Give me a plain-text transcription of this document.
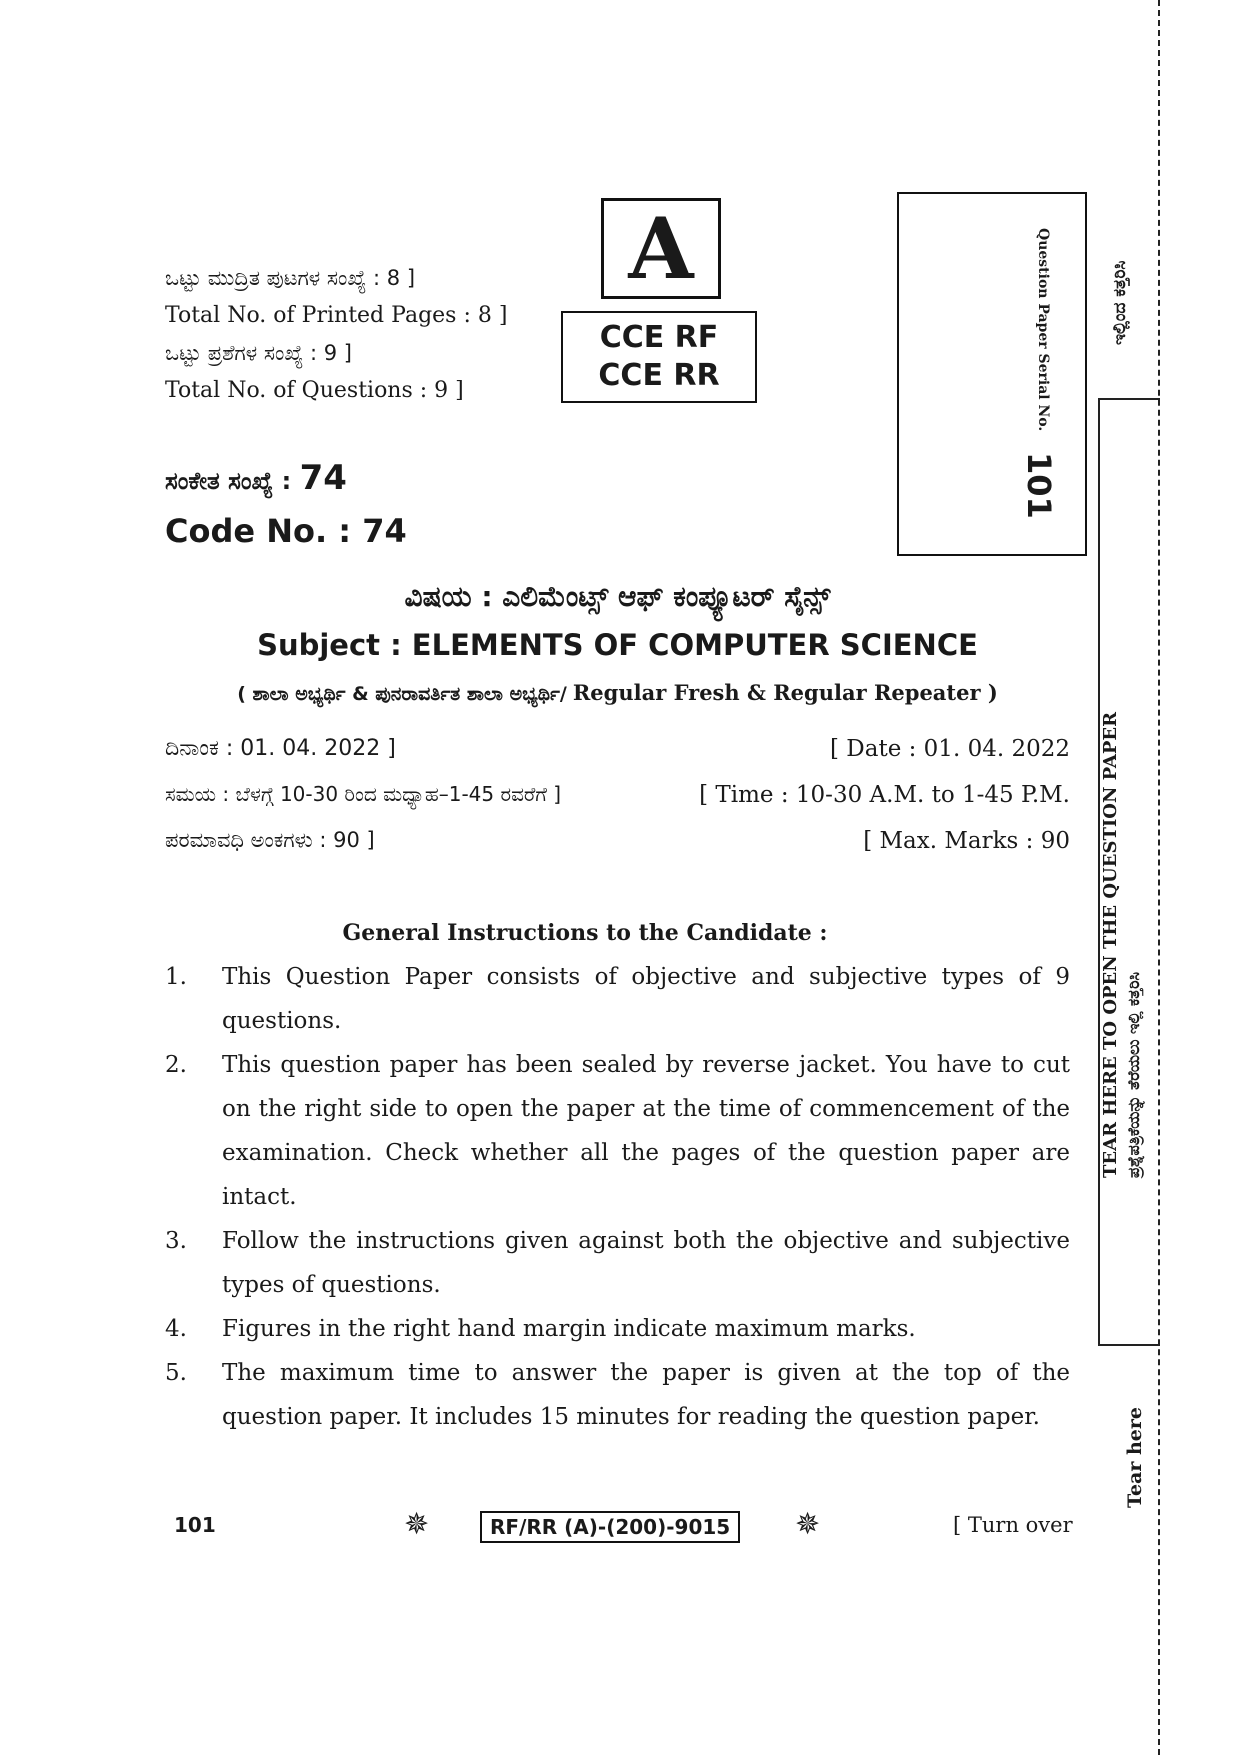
ಒಟ್ಟು ಮುದ್ರಿತ ಪುಟಗಳ ಸಂಖ್ಯೆ : 8 ]
Total No. of Printed Pages : 8 ]
ಒಟ್ಟು ಪ್ರಶೆಗಳ ಸಂಖ್ಯೆ : 9 ]
Total No. of Questions : 9 ]
A
CCE RF
CCE RR	Question Paper Serial No.
101
ಸಂಕೇತ ಸಂಖ್ಯೆ : 74
Code No. : 74
ವಿಷಯ : ಎಲಿಮೆಂಟ್ಸ್ ಆಫ್ ಕಂಪ್ಯೂಟರ್ ಸೈನ್ಸ್
Subject : ELEMENTS OF COMPUTER SCIENCE
( ಶಾಲಾ ಅಭ್ಯರ್ಥಿ & ಪುನರಾವರ್ತಿತ ಶಾಲಾ ಅಭ್ಯರ್ಥಿ/ Regular Fresh & Regular Repeater )
ದಿನಾಂಕ : 01. 04. 2022 ]	[ Date : 01. 04. 2022
ಸಮಯ : ಬೆಳಗ್ಗೆ 10-30 ರಿಂದ ಮಧ್ಯಾಹ–1-45 ರವರೆಗೆ ]	[ Time : 10-30 A.M. to 1-45 P.M.
ಪರಮಾವಧಿ ಅಂಕಗಳು : 90 ]	[ Max. Marks : 90
General Instructions to the Candidate :
1. This Question Paper consists of objective and subjective types of 9 questions.
2. This question paper has been sealed by reverse jacket. You have to cut on the right side to open the paper at the time of commencement of the examination. Check whether all the pages of the question paper are intact.
3. Follow the instructions given against both the objective and subjective types of questions.
4. Figures in the right hand margin indicate maximum marks.
5. The maximum time to answer the paper is given at the top of the question paper. It includes 15 minutes for reading the question paper.
101	✵	RF/RR (A)-(200)-9015	✵	[ Turn over
ಇಲ್ಲಿಂದ ಕತ್ತರಿಸಿ
TEAR HERE TO OPEN THE QUESTION PAPER ಪ್ರಶ್ನೆಪತ್ರಿಕೆಯನ್ನು ತೆರೆಯಲು ಇಲ್ಲಿ ಕತ್ತರಿಸಿ
Tear here
